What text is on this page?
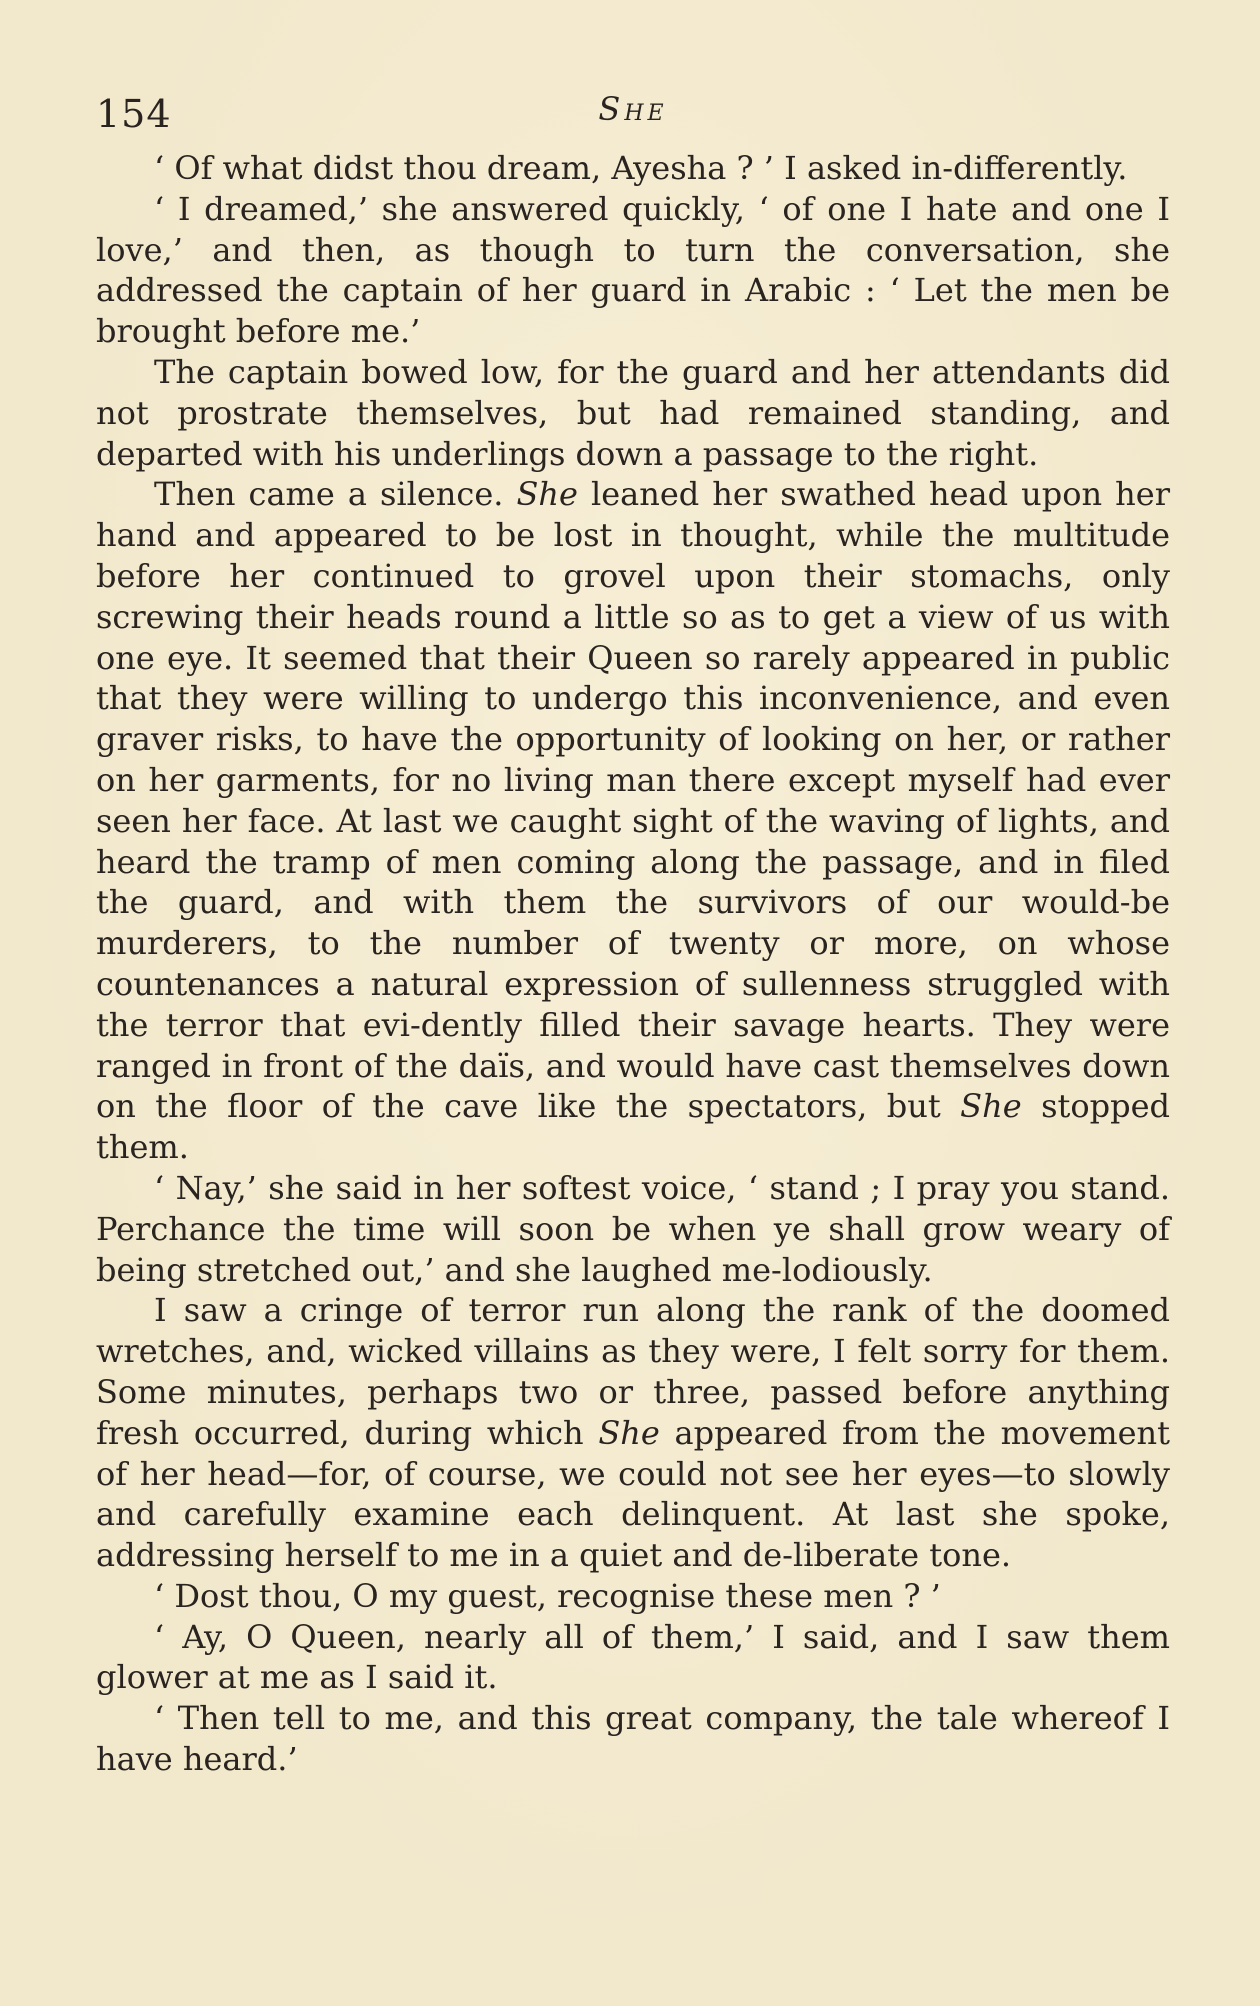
154	She

‘ Of what didst thou dream, Ayesha ? ’ I asked in-differently.

‘ I dreamed,’ she answered quickly, ‘ of one I hate and one I love,’ and then, as though to turn the conversation, she addressed the captain of her guard in Arabic : ‘ Let the men be brought before me.’

The captain bowed low, for the guard and her attendants did not prostrate themselves, but had remained standing, and departed with his underlings down a passage to the right.

Then came a silence. She leaned her swathed head upon her hand and appeared to be lost in thought, while the multitude before her continued to grovel upon their stomachs, only screwing their heads round a little so as to get a view of us with one eye. It seemed that their Queen so rarely appeared in public that they were willing to undergo this inconvenience, and even graver risks, to have the opportunity of looking on her, or rather on her garments, for no living man there except myself had ever seen her face. At last we caught sight of the waving of lights, and heard the tramp of men coming along the passage, and in filed the guard, and with them the survivors of our would-be murderers, to the number of twenty or more, on whose countenances a natural expression of sullenness struggled with the terror that evi-dently filled their savage hearts. They were ranged in front of the daïs, and would have cast themselves down on the floor of the cave like the spectators, but She stopped them.

‘ Nay,’ she said in her softest voice, ‘ stand ; I pray you stand. Perchance the time will soon be when ye shall grow weary of being stretched out,’ and she laughed me-lodiously.

I saw a cringe of terror run along the rank of the doomed wretches, and, wicked villains as they were, I felt sorry for them. Some minutes, perhaps two or three, passed before anything fresh occurred, during which She appeared from the movement of her head—for, of course, we could not see her eyes—to slowly and carefully examine each delinquent. At last she spoke, addressing herself to me in a quiet and de-liberate tone.

‘ Dost thou, O my guest, recognise these men ? ’

‘ Ay, O Queen, nearly all of them,’ I said, and I saw them glower at me as I said it.

‘ Then tell to me, and this great company, the tale whereof I have heard.’
